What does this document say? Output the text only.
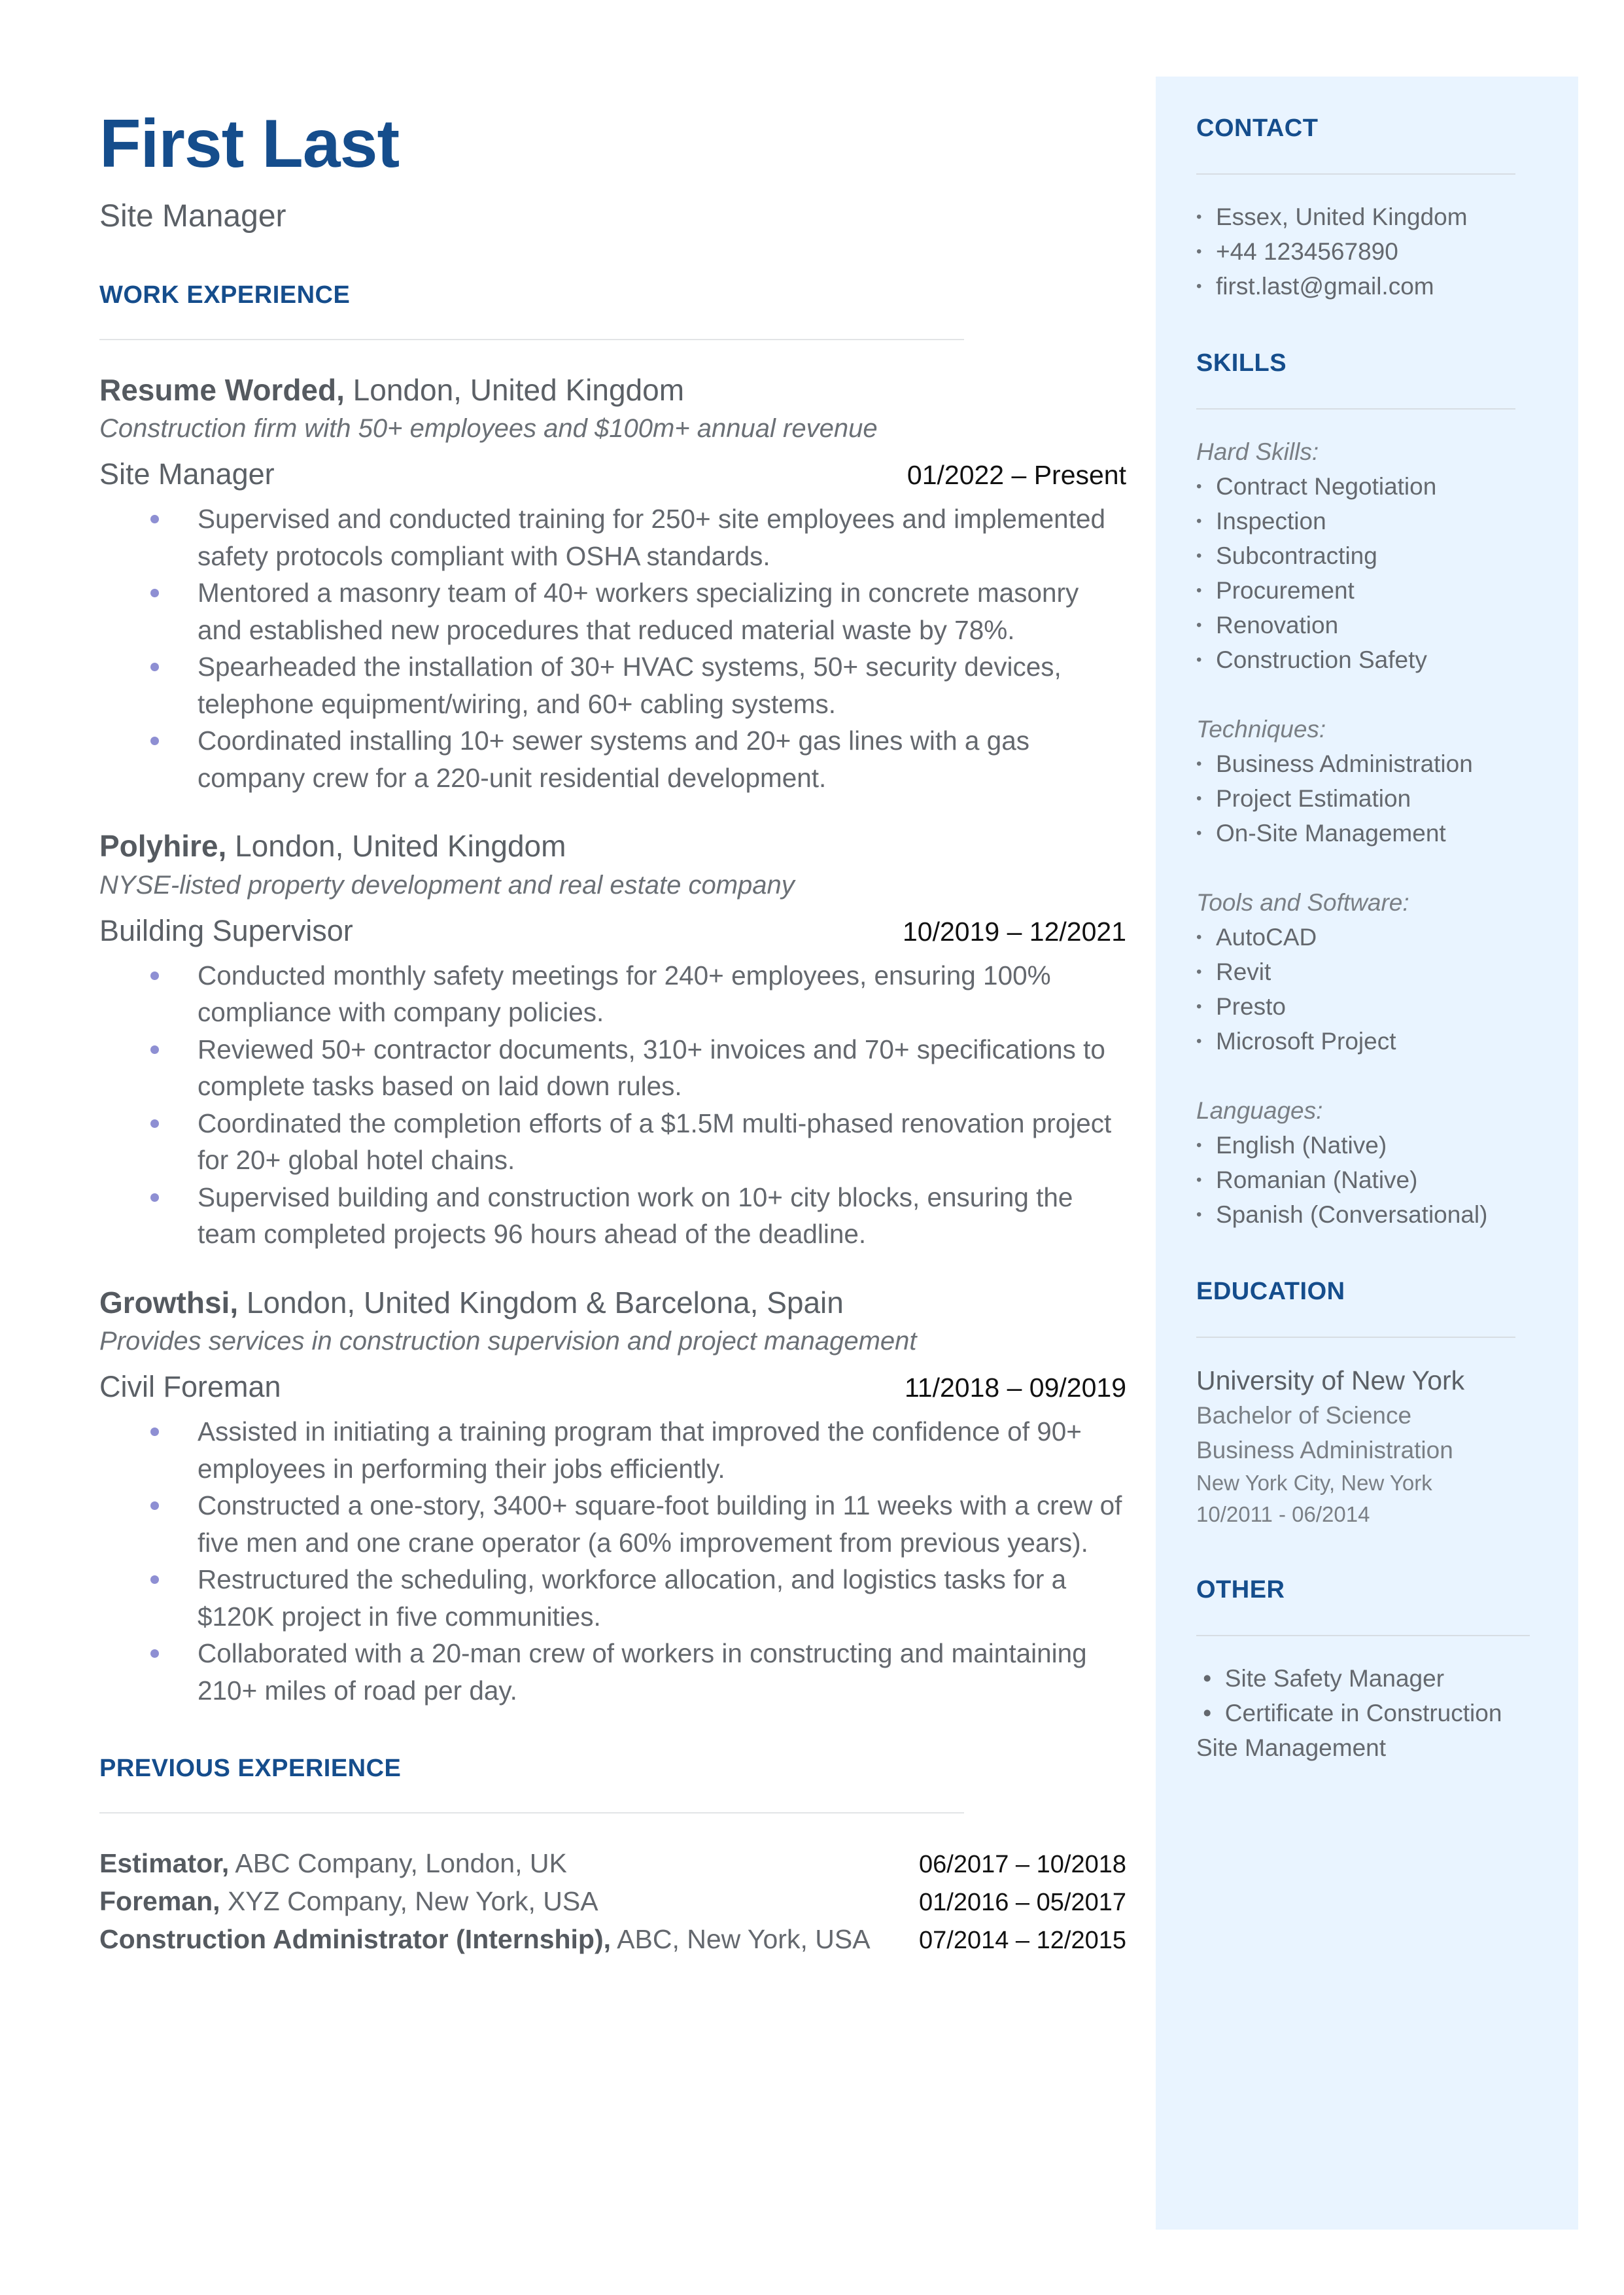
First Last
Site Manager
WORK EXPERIENCE
Resume Worded, London, United Kingdom
Construction firm with 50+ employees and $100m+ annual revenue
Site Manager	01/2022 – Present
Supervised and conducted training for 250+ site employees and implemented safety protocols compliant with OSHA standards.
Mentored a masonry team of 40+ workers specializing in concrete masonry and established new procedures that reduced material waste by 78%.
Spearheaded the installation of 30+ HVAC systems, 50+ security devices, telephone equipment/wiring, and 60+ cabling systems.
Coordinated installing 10+ sewer systems and 20+ gas lines with a gas company crew for a 220-unit residential development.
Polyhire, London, United Kingdom
NYSE-listed property development and real estate company
Building Supervisor	10/2019 – 12/2021
Conducted monthly safety meetings for 240+ employees, ensuring 100% compliance with company policies.
Reviewed 50+ contractor documents, 310+ invoices and 70+ specifications to complete tasks based on laid down rules.
Coordinated the completion efforts of a $1.5M multi-phased renovation project for 20+ global hotel chains.
Supervised building and construction work on 10+ city blocks, ensuring the team completed projects 96 hours ahead of the deadline.
Growthsi, London, United Kingdom & Barcelona, Spain
Provides services in construction supervision and project management
Civil Foreman	11/2018 – 09/2019
Assisted in initiating a training program that improved the confidence of 90+ employees in performing their jobs efficiently.
Constructed a one-story, 3400+ square-foot building in 11 weeks with a crew of five men and one crane operator (a 60% improvement from previous years).
Restructured the scheduling, workforce allocation, and logistics tasks for a $120K project in five communities.
Collaborated with a 20-man crew of workers in constructing and maintaining 210+ miles of road per day.
PREVIOUS EXPERIENCE
Estimator, ABC Company, London, UK	06/2017 – 10/2018
Foreman, XYZ Company, New York, USA	01/2016 – 05/2017
Construction Administrator (Internship), ABC, New York, USA 07/2014 – 12/2015
CONTACT
• Essex, United Kingdom
• +44 1234567890
• first.last@gmail.com
SKILLS
Hard Skills:
• Contract Negotiation
• Inspection
• Subcontracting
• Procurement
• Renovation
• Construction Safety
Techniques:
• Business Administration
• Project Estimation
• On-Site Management
Tools and Software:
• AutoCAD
• Revit
• Presto
• Microsoft Project
Languages:
• English (Native)
• Romanian (Native)
• Spanish (Conversational)
EDUCATION
University of New York
Bachelor of Science
Business Administration
New York City, New York
10/2011 - 06/2014
OTHER
•  Site Safety Manager
•  Certificate in Construction Site Management
